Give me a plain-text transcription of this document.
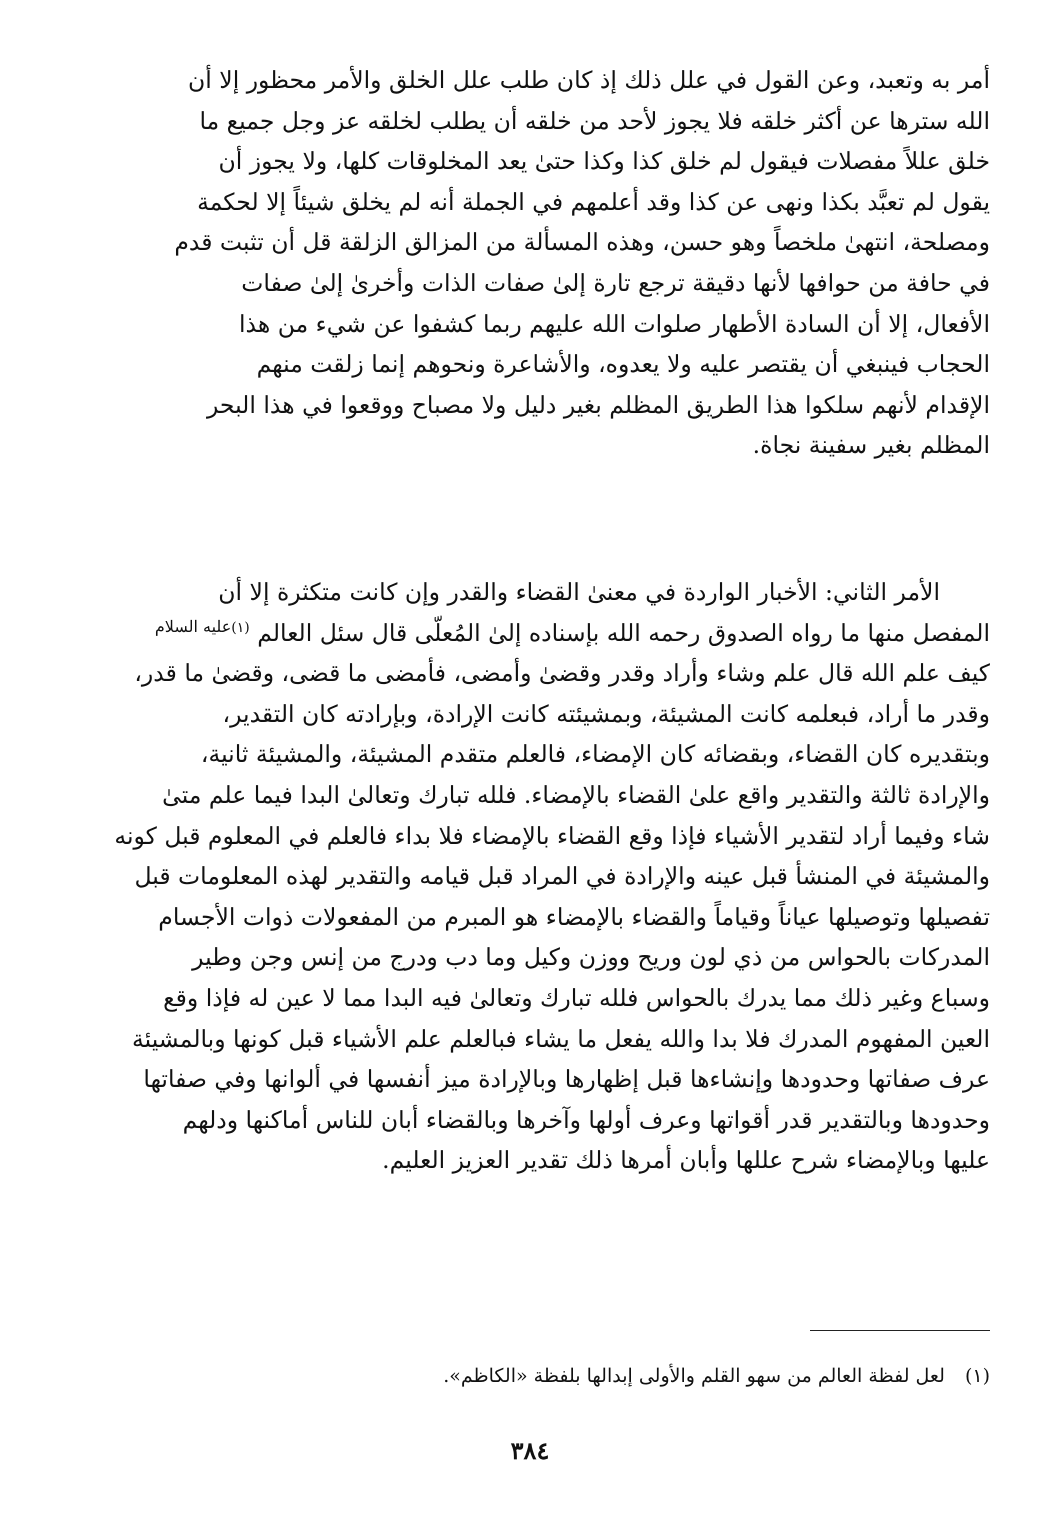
أمر به وتعبد، وعن القول في علل ذلك إذ كان طلب علل الخلق والأمر محظور إلا أن
الله سترها عن أكثر خلقه فلا يجوز لأحد من خلقه أن يطلب لخلقه عز وجل جميع ما
خلق عللاً مفصلات فيقول لم خلق كذا وكذا حتىٰ يعد المخلوقات كلها، ولا يجوز أن
يقول لم تعبَّد بكذا ونهى عن كذا وقد أعلمهم في الجملة أنه لم يخلق شيئاً إلا لحكمة
ومصلحة، انتهىٰ ملخصاً وهو حسن، وهذه المسألة من المزالق الزلقة قل أن تثبت قدم
في حافة من حوافها لأنها دقيقة ترجع تارة إلىٰ صفات الذات وأخرىٰ إلىٰ صفات
الأفعال، إلا أن السادة الأطهار صلوات الله عليهم ربما كشفوا عن شيء من هذا
الحجاب فينبغي أن يقتصر عليه ولا يعدوه، والأشاعرة ونحوهم إنما زلقت منهم
الإقدام لأنهم سلكوا هذا الطريق المظلم بغير دليل ولا مصباح ووقعوا في هذا البحر
المظلم بغير سفينة نجاة.
الأمر الثاني: الأخبار الواردة في معنىٰ القضاء والقدر وإن كانت متكثرة إلا أن
المفصل منها ما رواه الصدوق رحمه الله بإسناده إلىٰ المُعلّى قال سئل العالم $^{(١)عليه السلام}$
كيف علم الله قال علم وشاء وأراد وقدر وقضىٰ وأمضى، فأمضى ما قضى، وقضىٰ ما قدر،
وقدر ما أراد، فبعلمه كانت المشيئة، وبمشيئته كانت الإرادة، وبإرادته كان التقدير،
وبتقديره كان القضاء، وبقضائه كان الإمضاء، فالعلم متقدم المشيئة، والمشيئة ثانية،
والإرادة ثالثة والتقدير واقع علىٰ القضاء بالإمضاء. فلله تبارك وتعالىٰ البدا فيما علم متىٰ
شاء وفيما أراد لتقدير الأشياء فإذا وقع القضاء بالإمضاء فلا بداء فالعلم في المعلوم قبل كونه
والمشيئة في المنشأ قبل عينه والإرادة في المراد قبل قيامه والتقدير لهذه المعلومات قبل
تفصيلها وتوصيلها عياناً وقياماً والقضاء بالإمضاء هو المبرم من المفعولات ذوات الأجسام
المدركات بالحواس من ذي لون وريح ووزن وكيل وما دب ودرج من إنس وجن وطير
وسباع وغير ذلك مما يدرك بالحواس فلله تبارك وتعالىٰ فيه البدا مما لا عين له فإذا وقع
العين المفهوم المدرك فلا بدا والله يفعل ما يشاء فبالعلم علم الأشياء قبل كونها وبالمشيئة
عرف صفاتها وحدودها وإنشاءها قبل إظهارها وبالإرادة ميز أنفسها في ألوانها وفي صفاتها
وحدودها وبالتقدير قدر أقواتها وعرف أولها وآخرها وبالقضاء أبان للناس أماكنها ودلهم
عليها وبالإمضاء شرح عللها وأبان أمرها ذلك تقدير العزيز العليم.
(١) لعل لفظة العالم من سهو القلم والأولى إبدالها بلفظة «الكاظم».
٣٨٤
